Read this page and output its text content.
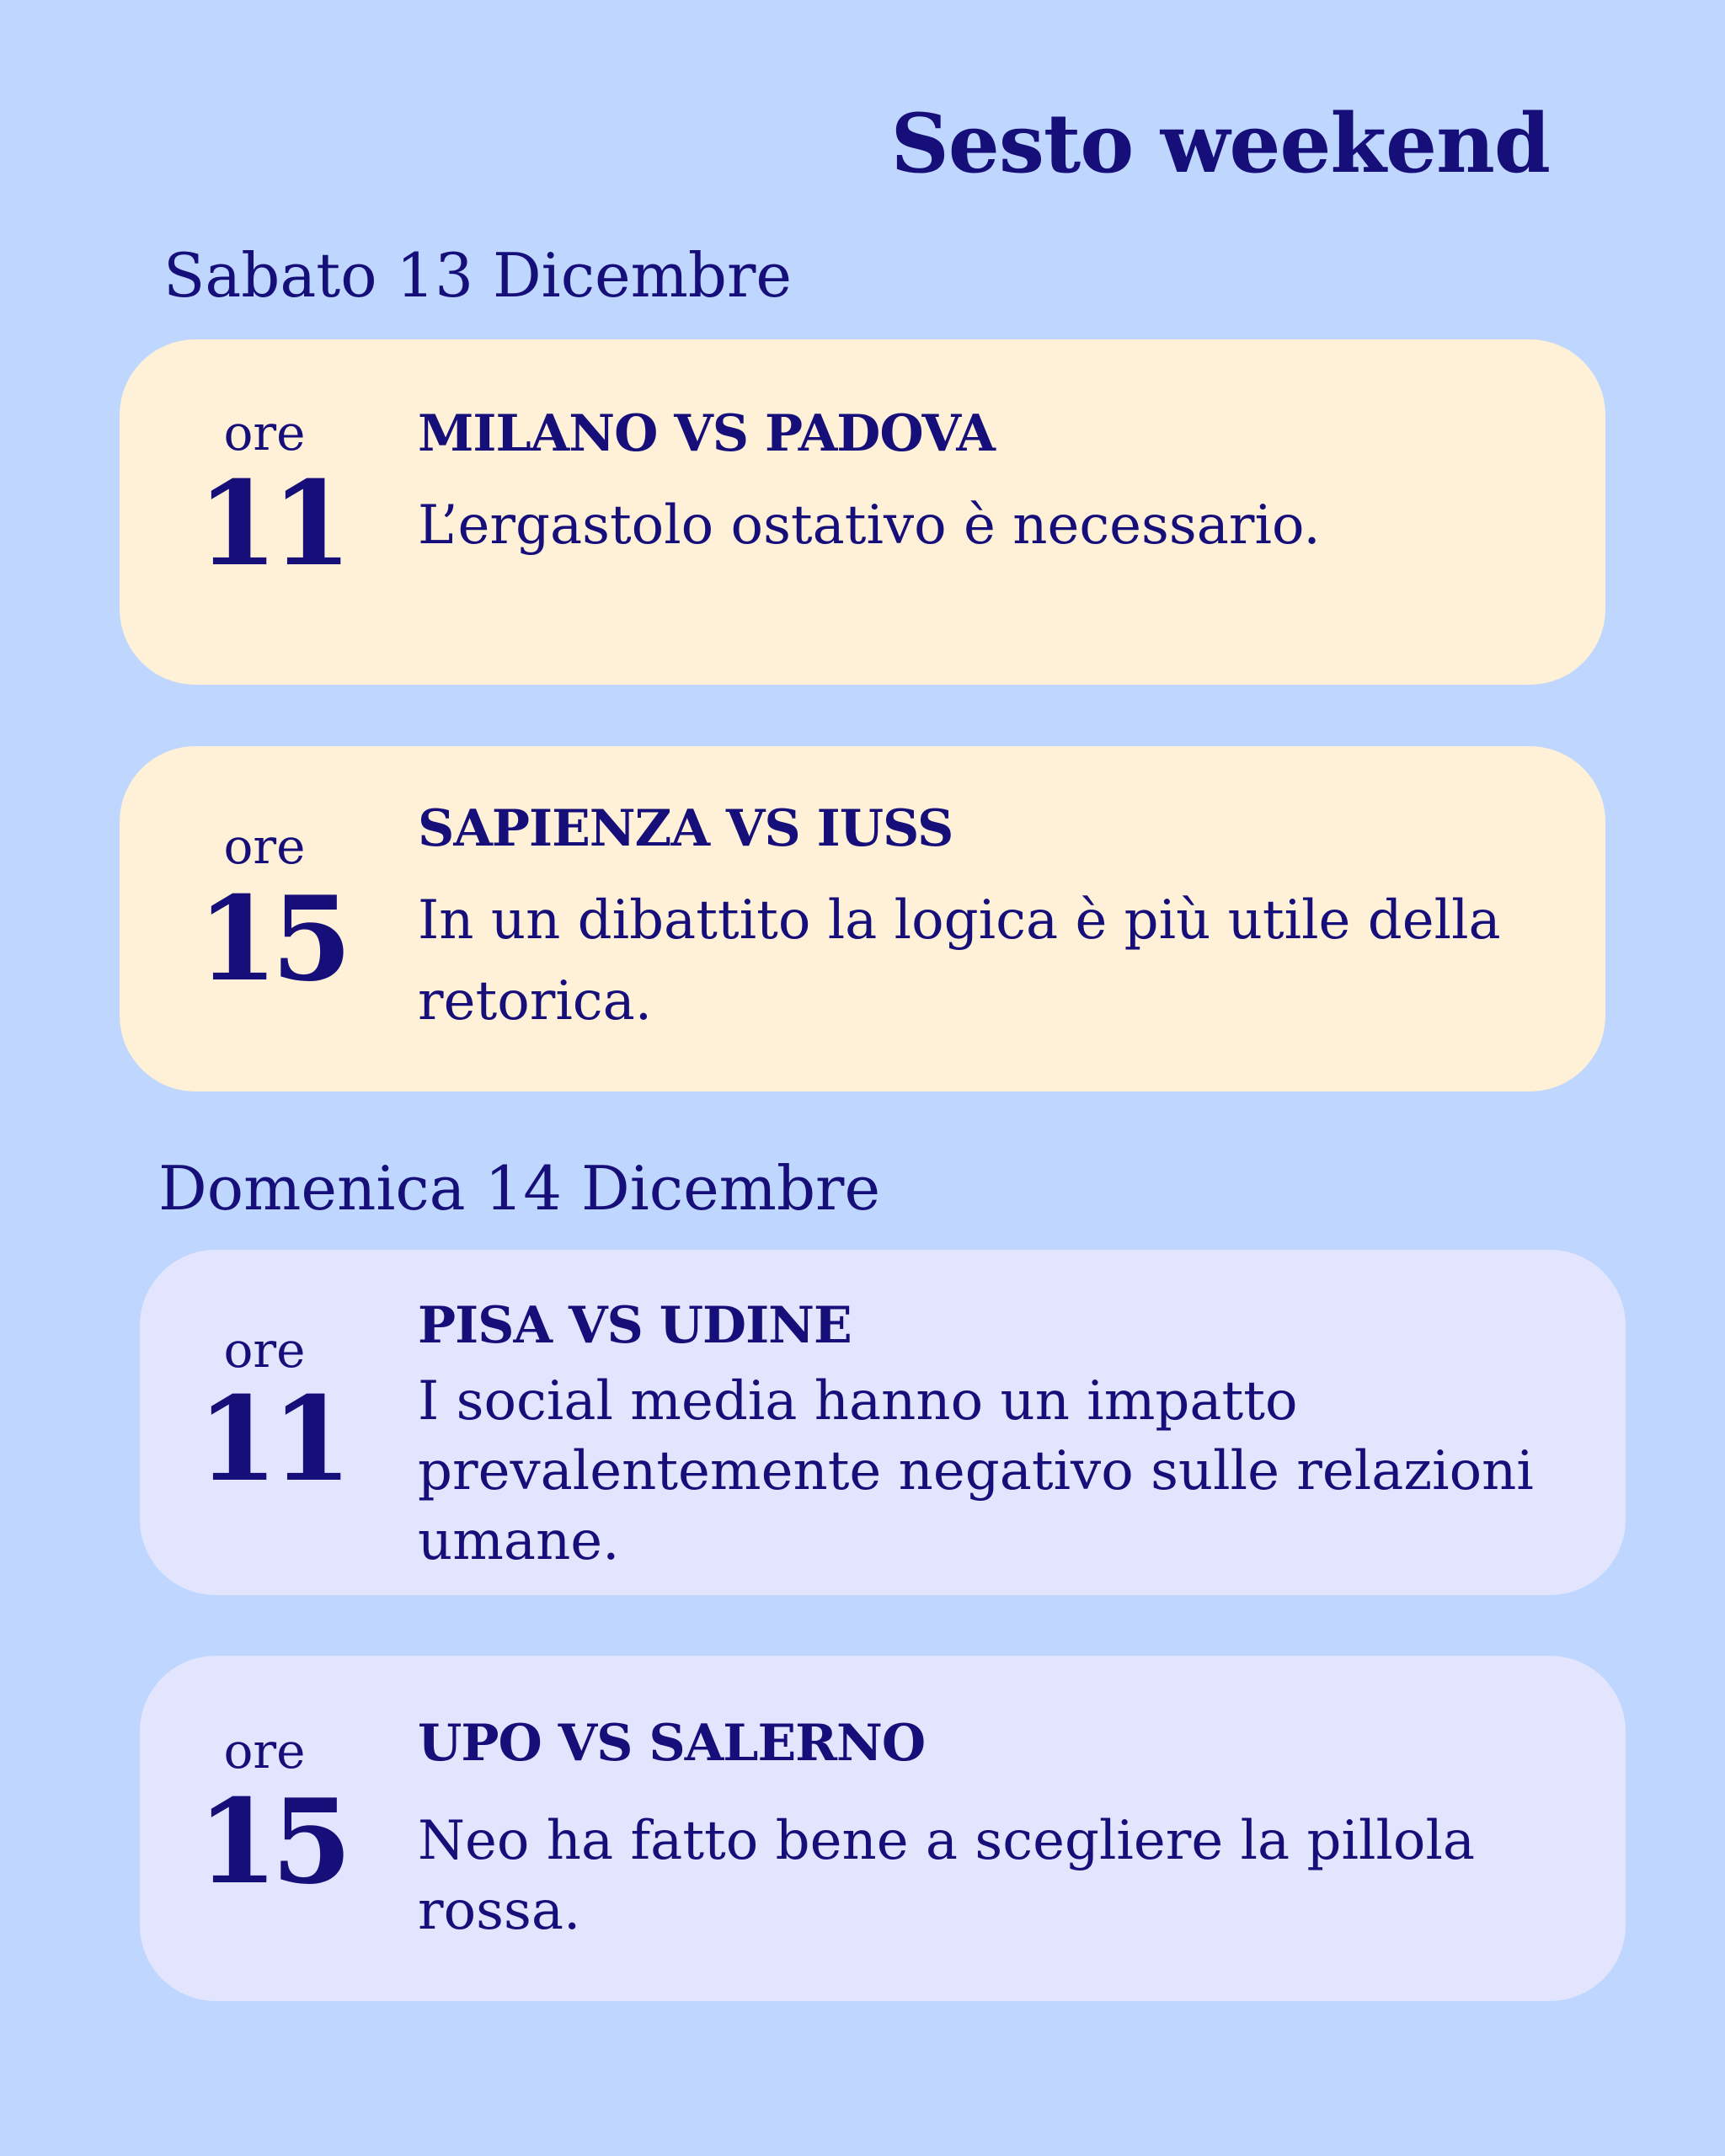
Sesto weekend
Sabato 13 Dicembre
ore
11
MILANO VS PADOVA
L’ergastolo ostativo è necessario.
ore
15
SAPIENZA VS IUSS
In un dibattito la logica è più utile della retorica.
Domenica 14 Dicembre
ore
11
PISA VS UDINE
I social media hanno un impatto prevalentemente negativo sulle relazioni umane.
ore
15
UPO VS SALERNO
Neo ha fatto bene a scegliere la pillola rossa.
